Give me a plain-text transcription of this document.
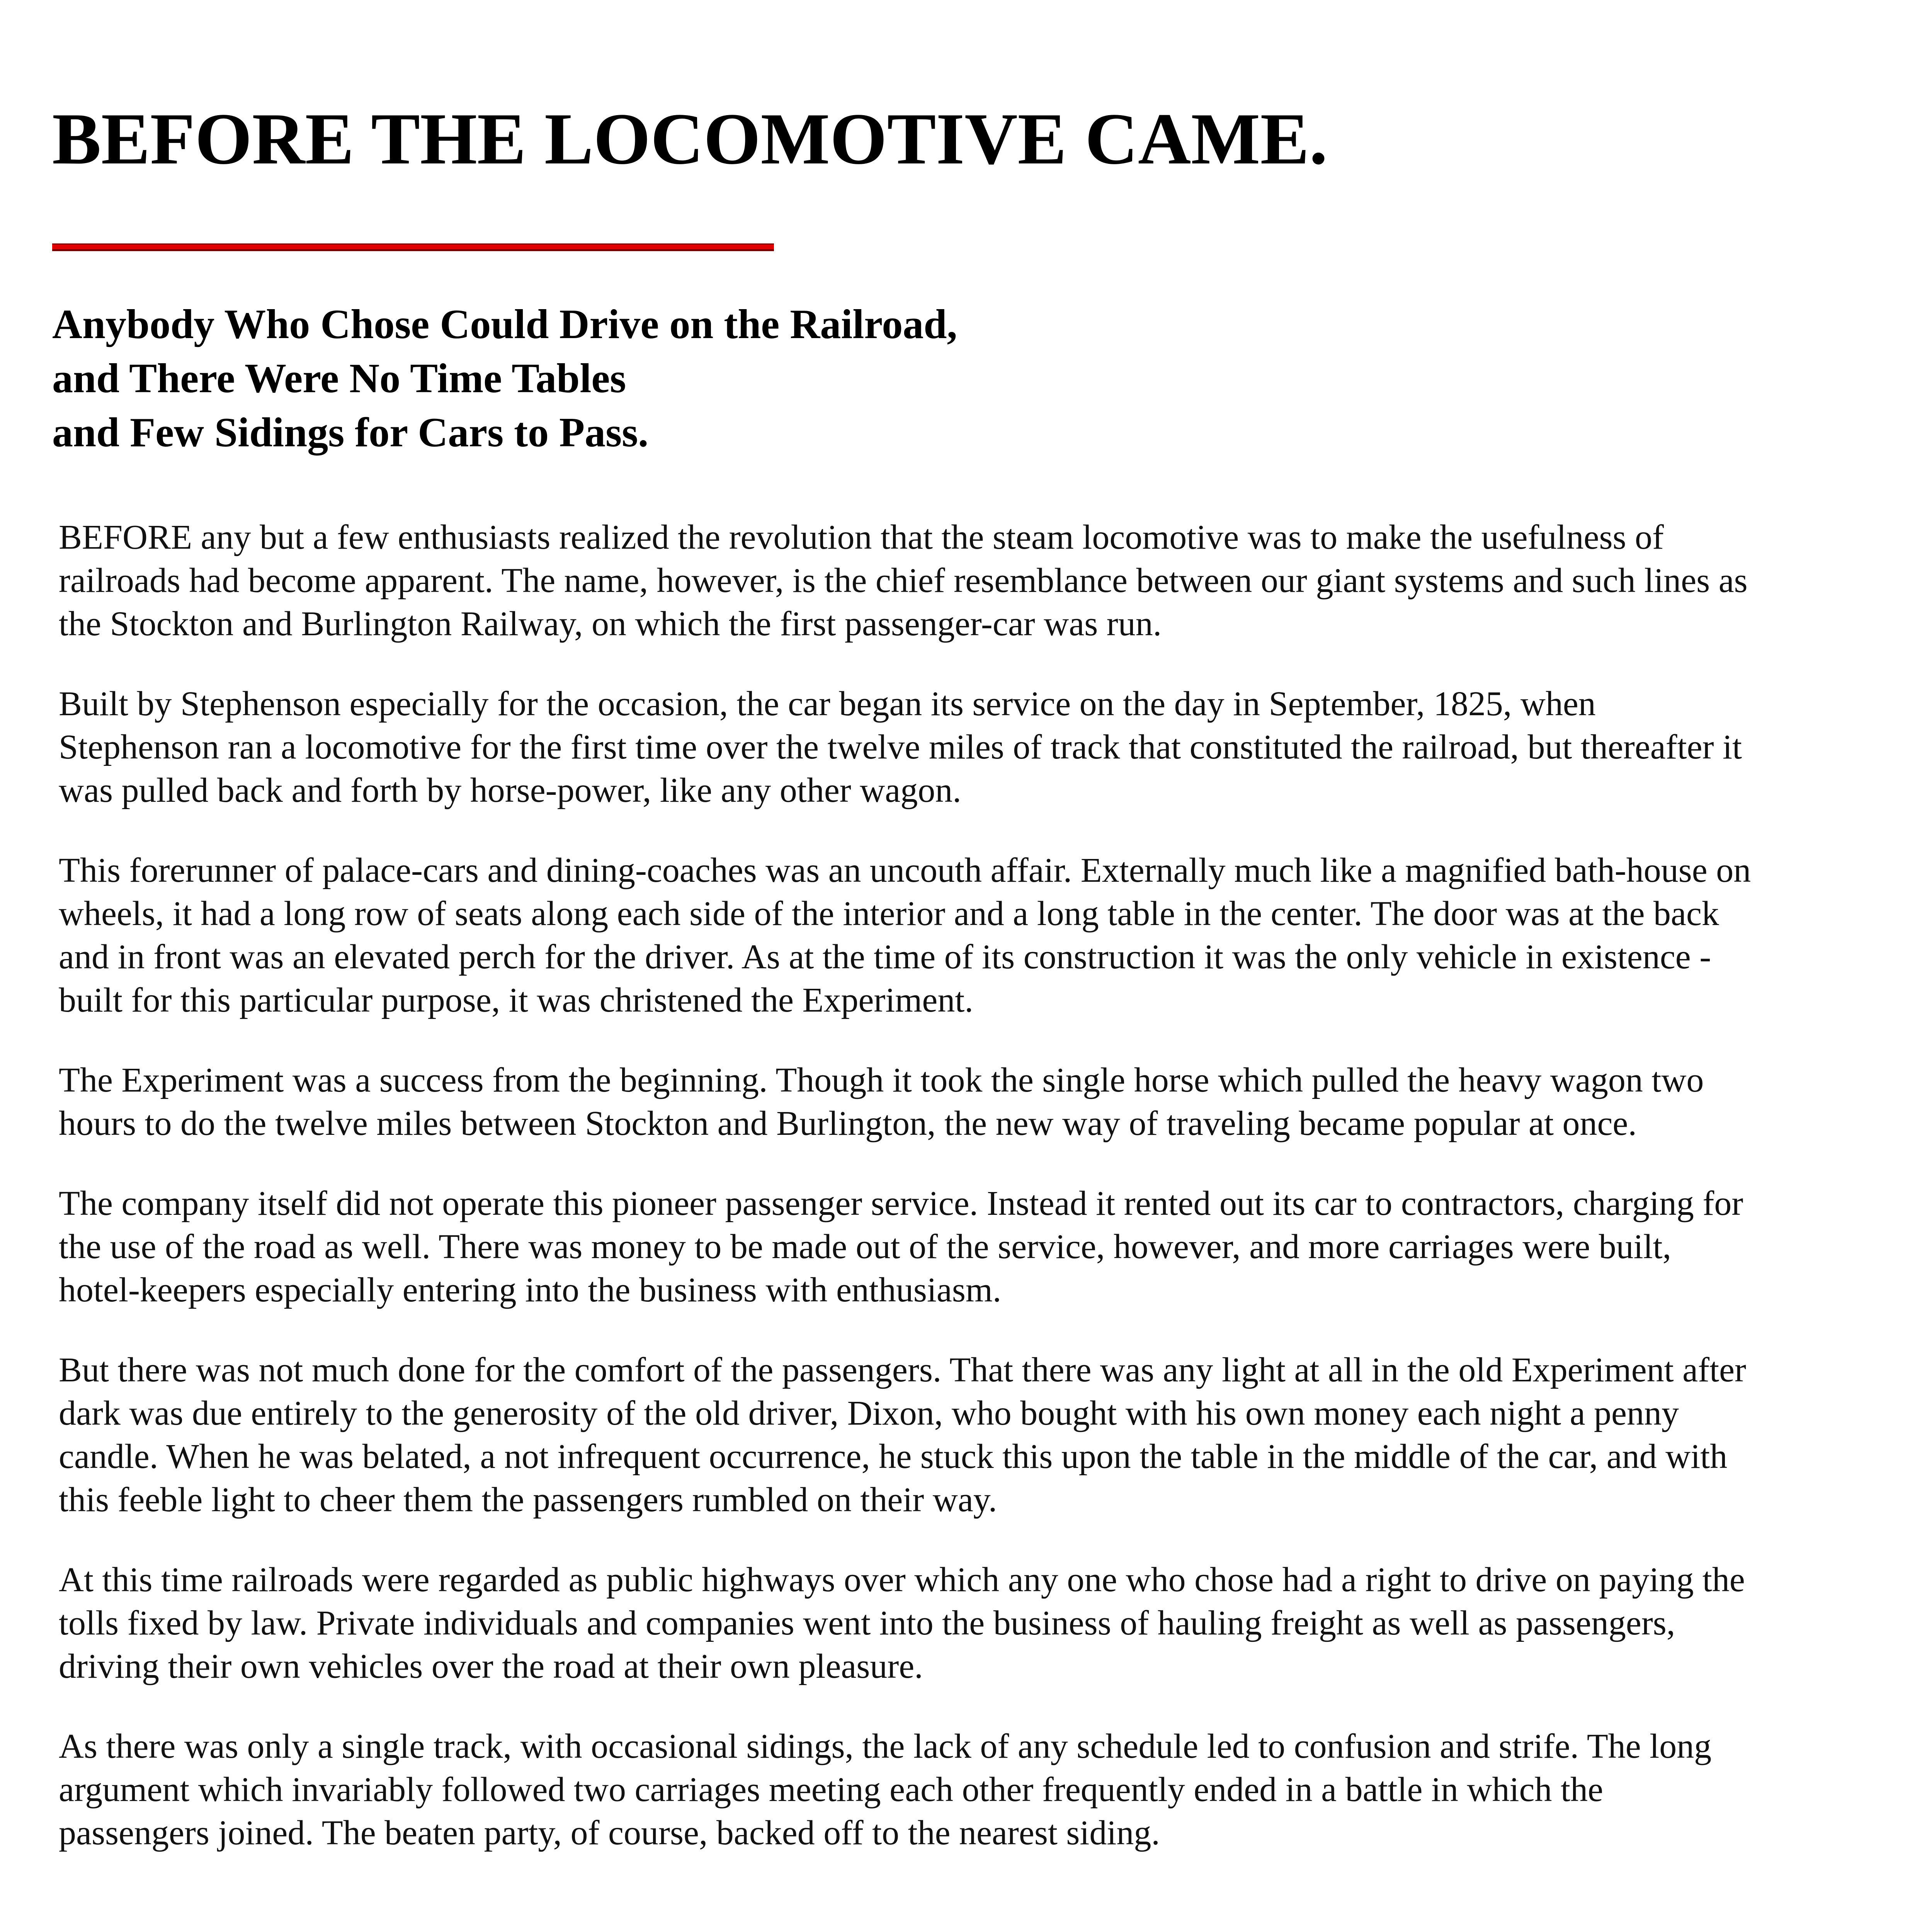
BEFORE THE LOCOMOTIVE CAME.
Anybody Who Chose Could Drive on the Railroad,
and There Were No Time Tables
and Few Sidings for Cars to Pass.

BEFORE any but a few enthusiasts realized the revolution that the steam locomotive was to make the usefulness of railroads had become apparent. The name, however, is the chief resemblance between our giant systems and such lines as the Stockton and Burlington Railway, on which the first passenger-car was run.

Built by Stephenson especially for the occasion, the car began its service on the day in September, 1825, when Stephenson ran a locomotive for the first time over the twelve miles of track that constituted the railroad, but thereafter it was pulled back and forth by horse-power, like any other wagon.

This forerunner of palace-cars and dining-coaches was an uncouth affair. Externally much like a magnified bath-house on wheels, it had a long row of seats along each side of the interior and a long table in the center. The door was at the back and in front was an elevated perch for the driver. As at the time of its construction it was the only vehicle in existence - built for this particular purpose, it was christened the Experiment.

The Experiment was a success from the beginning. Though it took the single horse which pulled the heavy wagon two hours to do the twelve miles between Stockton and Burlington, the new way of traveling became popular at once.

The company itself did not operate this pioneer passenger service. Instead it rented out its car to contractors, charging for the use of the road as well. There was money to be made out of the service, however, and more carriages were built, hotel-keepers especially entering into the business with enthusiasm.

But there was not much done for the comfort of the passengers. That there was any light at all in the old Experiment after dark was due entirely to the generosity of the old driver, Dixon, who bought with his own money each night a penny candle. When he was belated, a not infrequent occurrence, he stuck this upon the table in the middle of the car, and with this feeble light to cheer them the passengers rumbled on their way.

At this time railroads were regarded as public highways over which any one who chose had a right to drive on paying the tolls fixed by law. Private individuals and companies went into the business of hauling freight as well as passengers, driving their own vehicles over the road at their own pleasure.

As there was only a single track, with occasional sidings, the lack of any schedule led to confusion and strife. The long argument which invariably followed two carriages meeting each other frequently ended in a battle in which the passengers joined. The beaten party, of course, backed off to the nearest siding.
